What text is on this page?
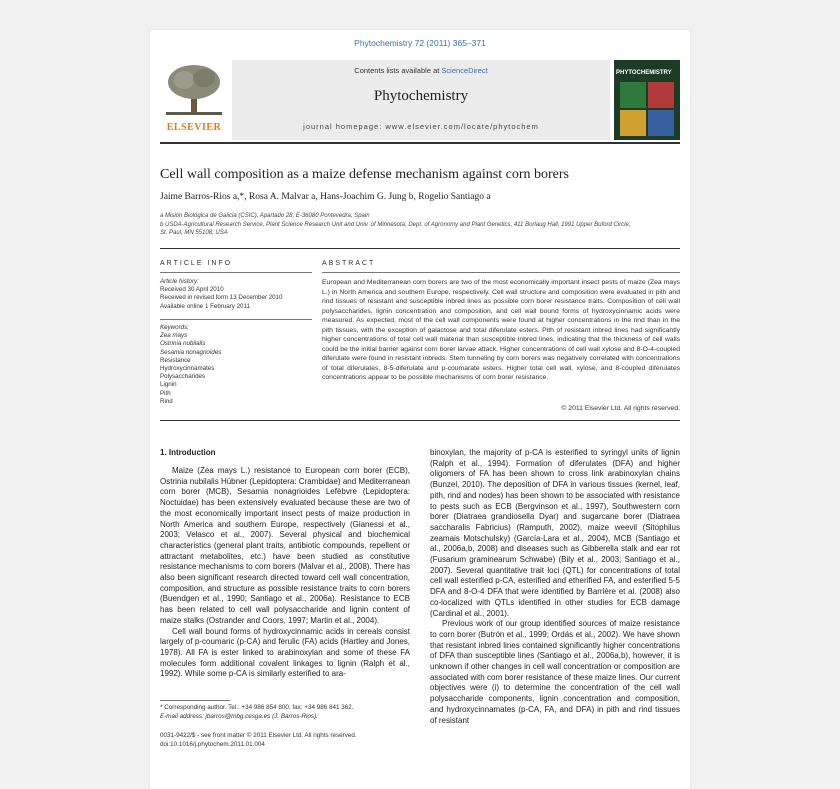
Phytochemistry 72 (2011) 365–371
ELSEVIER
Contents lists available at ScienceDirect
Phytochemistry
journal homepage: www.elsevier.com/locate/phytochem
PHYTOCHEMISTRY
Cell wall composition as a maize defense mechanism against corn borers
Jaime Barros-Rios a,*, Rosa A. Malvar a, Hans-Joachim G. Jung b, Rogelio Santiago a
a Misión Biológica de Galicia (CSIC), Apartado 28, E-36080 Pontevedra, Spain
b USDA-Agricultural Research Service, Plant Science Research Unit and Univ. of Minnesota, Dept. of Agronomy and Plant Genetics, 411 Borlaug Hall, 1991 Upper Buford Circle,
St. Paul, MN 55108, USA
ARTICLE INFO
Article history:
Received 30 April 2010
Received in revised form 13 December 2010
Available online 1 February 2011
Keywords:
Zea mays
Ostrinia nubilalis
Sesamia nonagrioides
Resistance
Hydroxycinnamates
Polysaccharides
Lignin
Pith
Rind
ABSTRACT
European and Mediterranean corn borers are two of the most economically important insect pests of maize (Zea mays L.) in North America and southern Europe, respectively. Cell wall structure and composition were evaluated in pith and rind tissues of resistant and susceptible inbred lines as possible corn borer resistance traits. Composition of cell wall polysaccharides, lignin concentration and composition, and cell wall bound forms of hydroxycinnamic acids were measured. As expected, most of the cell wall components were found at higher concentrations in the rind than in the pith tissues, with the exception of galactose and total diferulate esters. Pith of resistant inbred lines had significantly higher concentrations of total cell wall material than susceptible inbred lines, indicating that the thickness of cell walls could be the initial barrier against corn borer larvae attack. Higher concentrations of cell wall xylose and 8-O-4-coupled diferulate were found in resistant inbreds. Stem tunneling by corn borers was negatively correlated with concentrations of total diferulates, 8-5-diferulate and p-coumarate esters. Higher total cell wall, xylose, and 8-coupled diferulates concentrations appear to be possible mechanisms of corn borer resistance.
© 2011 Elsevier Ltd. All rights reserved.
1. Introduction

Maize (Zea mays L.) resistance to European corn borer (ECB), Ostrinia nubilalis Hübner (Lepidoptera: Crambidae) and Mediterranean corn borer (MCB), Sesamia nonagrioides Lefèbvre (Lepidoptera: Noctuidae) has been extensively evaluated because these are two of the most economically important insect pests of maize production in North America and southern Europe, respectively (Gianessi et al., 2003; Velasco et al., 2007). Several physical and biochemical characteristics (general plant traits, antibiotic compounds, repellent or attractant metabolites, etc.) have been studied as constitutive resistance mechanisms to corn borers (Malvar et al., 2008). There has also been significant research directed toward cell wall concentration, composition, and structure as possible resistance traits to corn borers (Buendgen et al., 1990; Santiago et al., 2006a). Resistance to ECB has been related to cell wall polysaccharide and lignin content of maize stalks (Ostrander and Coors, 1997; Martin et al., 2004).

Cell wall bound forms of hydroxycinnamic acids in cereals consist largely of p-coumaric (p-CA) and ferulic (FA) acids (Hartley and Jones, 1978). All FA is ester linked to arabinoxylan and some of these FA molecules form additional covalent linkages to lignin (Ralph et al., 1992). While some p-CA is similarly esterified to ara-

binoxylan, the majority of p-CA is esterified to syringyl units of lignin (Ralph et al., 1994). Formation of diferulates (DFA) and higher oligomers of FA has been shown to cross link arabinoxylan chains (Bunzel, 2010). The deposition of DFA in various tissues (kernel, leaf, pith, rind and nodes) has been shown to be associated with resistance to pests such as ECB (Bergvinson et al., 1997), Southwestern corn borer (Diatraea grandiosella Dyar) and sugarcane borer (Diatraea saccharalis Fabricius) (Ramputh, 2002), maize weevil (Sitophilus zeamais Motschulsky) (García-Lara et al., 2004), MCB (Santiago et al., 2006a,b, 2008) and diseases such as Gibberella stalk and ear rot (Fusarium graminearum Schwabe) (Bily et al., 2003; Santiago et al., 2007). Several quantitative trait loci (QTL) for concentrations of total cell wall esterified p-CA, esterified and etherified FA, and esterified 5-5 DFA and 8-O-4 DFA that were identified by Barrière et al. (2008) also co-localized with QTLs identified in other studies for ECB damage (Cardinal et al., 2001).

Previous work of our group identified sources of maize resistance to corn borer (Butrón et al., 1999; Ordás et al., 2002). We have shown that resistant inbred lines contained significantly higher concentrations of DFA than susceptible lines (Santiago et al., 2006a,b), however, it is unknown if other changes in cell wall concentration or composition are associated with corn borer resistance of these maize lines. Our current objectives were (i) to determine the concentration of the cell wall polysaccharide components, lignin concentration and composition, and hydroxycinnamates (p-CA, FA, and DFA) in pith and rind tissues of resistant

* Corresponding author. Tel.: +34 986 854 800; fax: +34 986 841 362.
E-mail address: jbarros@mbg.cesga.es (J. Barros-Rios).
0031-9422/$ - see front matter © 2011 Elsevier Ltd. All rights reserved.
doi:10.1016/j.phytochem.2011.01.004
